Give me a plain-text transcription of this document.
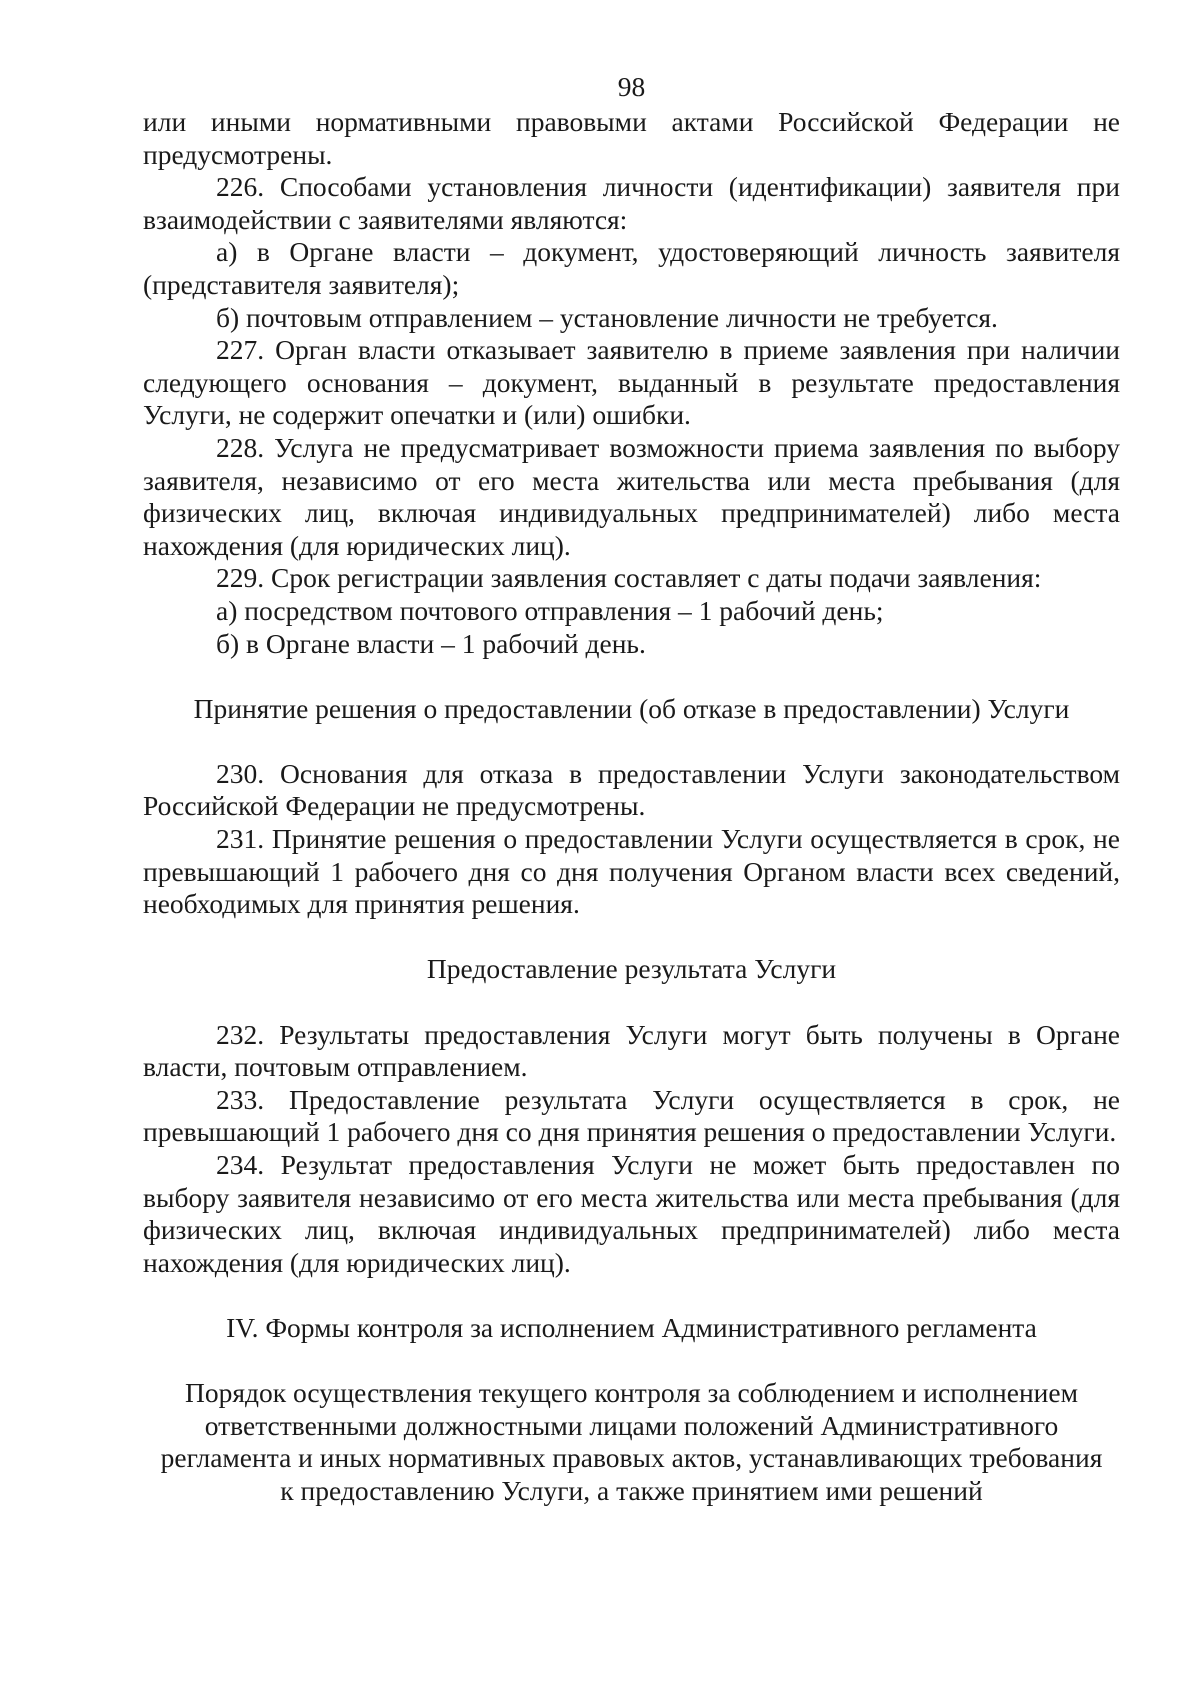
98

или иными нормативными правовыми актами Российской Федерации не предусмотрены.

226. Способами установления личности (идентификации) заявителя при взаимодействии с заявителями являются:

а) в Органе власти – документ, удостоверяющий личность заявителя (представителя заявителя);

б) почтовым отправлением – установление личности не требуется.

227. Орган власти отказывает заявителю в приеме заявления при наличии следующего основания – документ, выданный в результате предоставления Услуги, не содержит опечатки и (или) ошибки.

228. Услуга не предусматривает возможности приема заявления по выбору заявителя, независимо от его места жительства или места пребывания (для физических лиц, включая индивидуальных предпринимателей) либо места нахождения (для юридических лиц).

229. Срок регистрации заявления составляет с даты подачи заявления:

а) посредством почтового отправления – 1 рабочий день;

б) в Органе власти – 1 рабочий день.

Принятие решения о предоставлении (об отказе в предоставлении) Услуги

230. Основания для отказа в предоставлении Услуги законодательством Российской Федерации не предусмотрены.

231. Принятие решения о предоставлении Услуги осуществляется в срок, не превышающий 1 рабочего дня со дня получения Органом власти всех сведений, необходимых для принятия решения.

Предоставление результата Услуги

232. Результаты предоставления Услуги могут быть получены в Органе власти, почтовым отправлением.

233. Предоставление результата Услуги осуществляется в срок, не превышающий 1 рабочего дня со дня принятия решения о предоставлении Услуги.

234. Результат предоставления Услуги не может быть предоставлен по выбору заявителя независимо от его места жительства или места пребывания (для физических лиц, включая индивидуальных предпринимателей) либо места нахождения (для юридических лиц).

IV. Формы контроля за исполнением Административного регламента
Порядок осуществления текущего контроля за соблюдением и исполнением
ответственными должностными лицами положений Административного
регламента и иных нормативных правовых актов, устанавливающих требования
к предоставлению Услуги, а также принятием ими решений
